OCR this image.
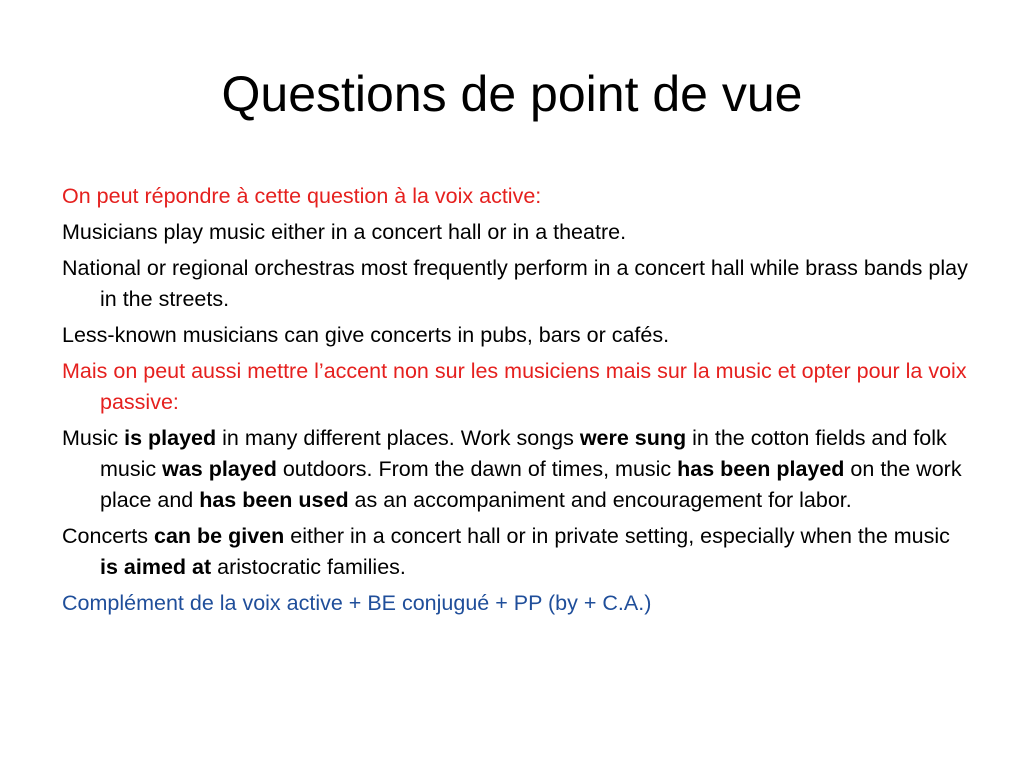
Questions de point de vue

On peut répondre à cette question à la voix active:

Musicians play music either in a concert hall or in a theatre.

National or regional orchestras most frequently perform in a concert hall while brass bands play in the streets.

Less-known musicians can give concerts in pubs, bars or cafés.

Mais on peut aussi mettre l’accent non sur les musiciens mais sur la music et opter pour la voix passive:

Music is played in many different places. Work songs were sung in the cotton fields and folk music was played outdoors. From the dawn of times, music has been played on the work place and has been used as an accompaniment and encouragement for labor.

Concerts can be given either in a concert hall or in private setting, especially when the music is aimed at aristocratic families.

Complément de la voix active + BE conjugué + PP (by + C.A.)
